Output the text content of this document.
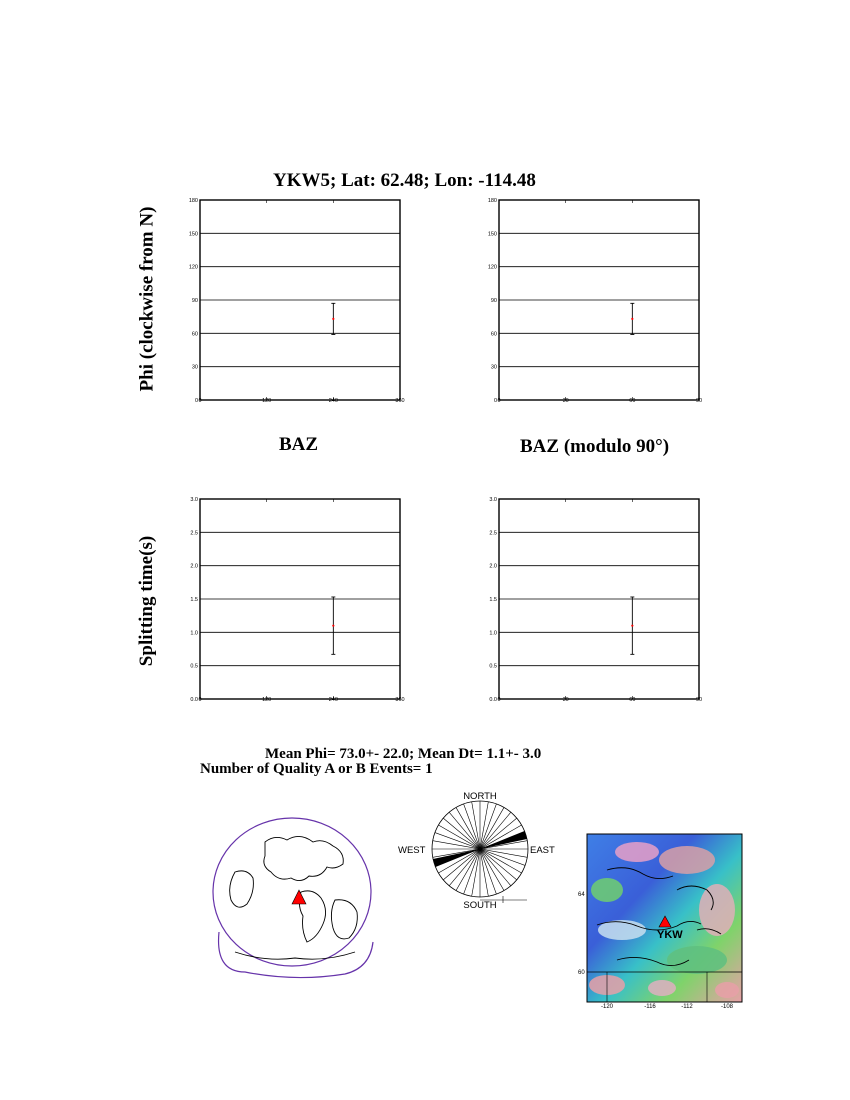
YKW5; Lat: 62.48; Lon: -114.48
Phi (clockwise from N)
Splitting time(s)
0
30
60
90
120
150
180
0	120	240	360	0
30
60
90
120
150
180
0	30	60	90
0.0
0.5
1.0
1.5
2.0
2.5
3.0
0	120	240	360	0.0
0.5
1.0
1.5
2.0
2.5
3.0
0	30	60	90
BAZ	BAZ (modulo 90°)
Mean Phi= 73.0+- 22.0; Mean Dt= 1.1+- 3.0
Number of Quality A or B Events= 1
NORTH
SOUTH
EAST
WEST
YKW
64
60
-120	-116	-112	-108
